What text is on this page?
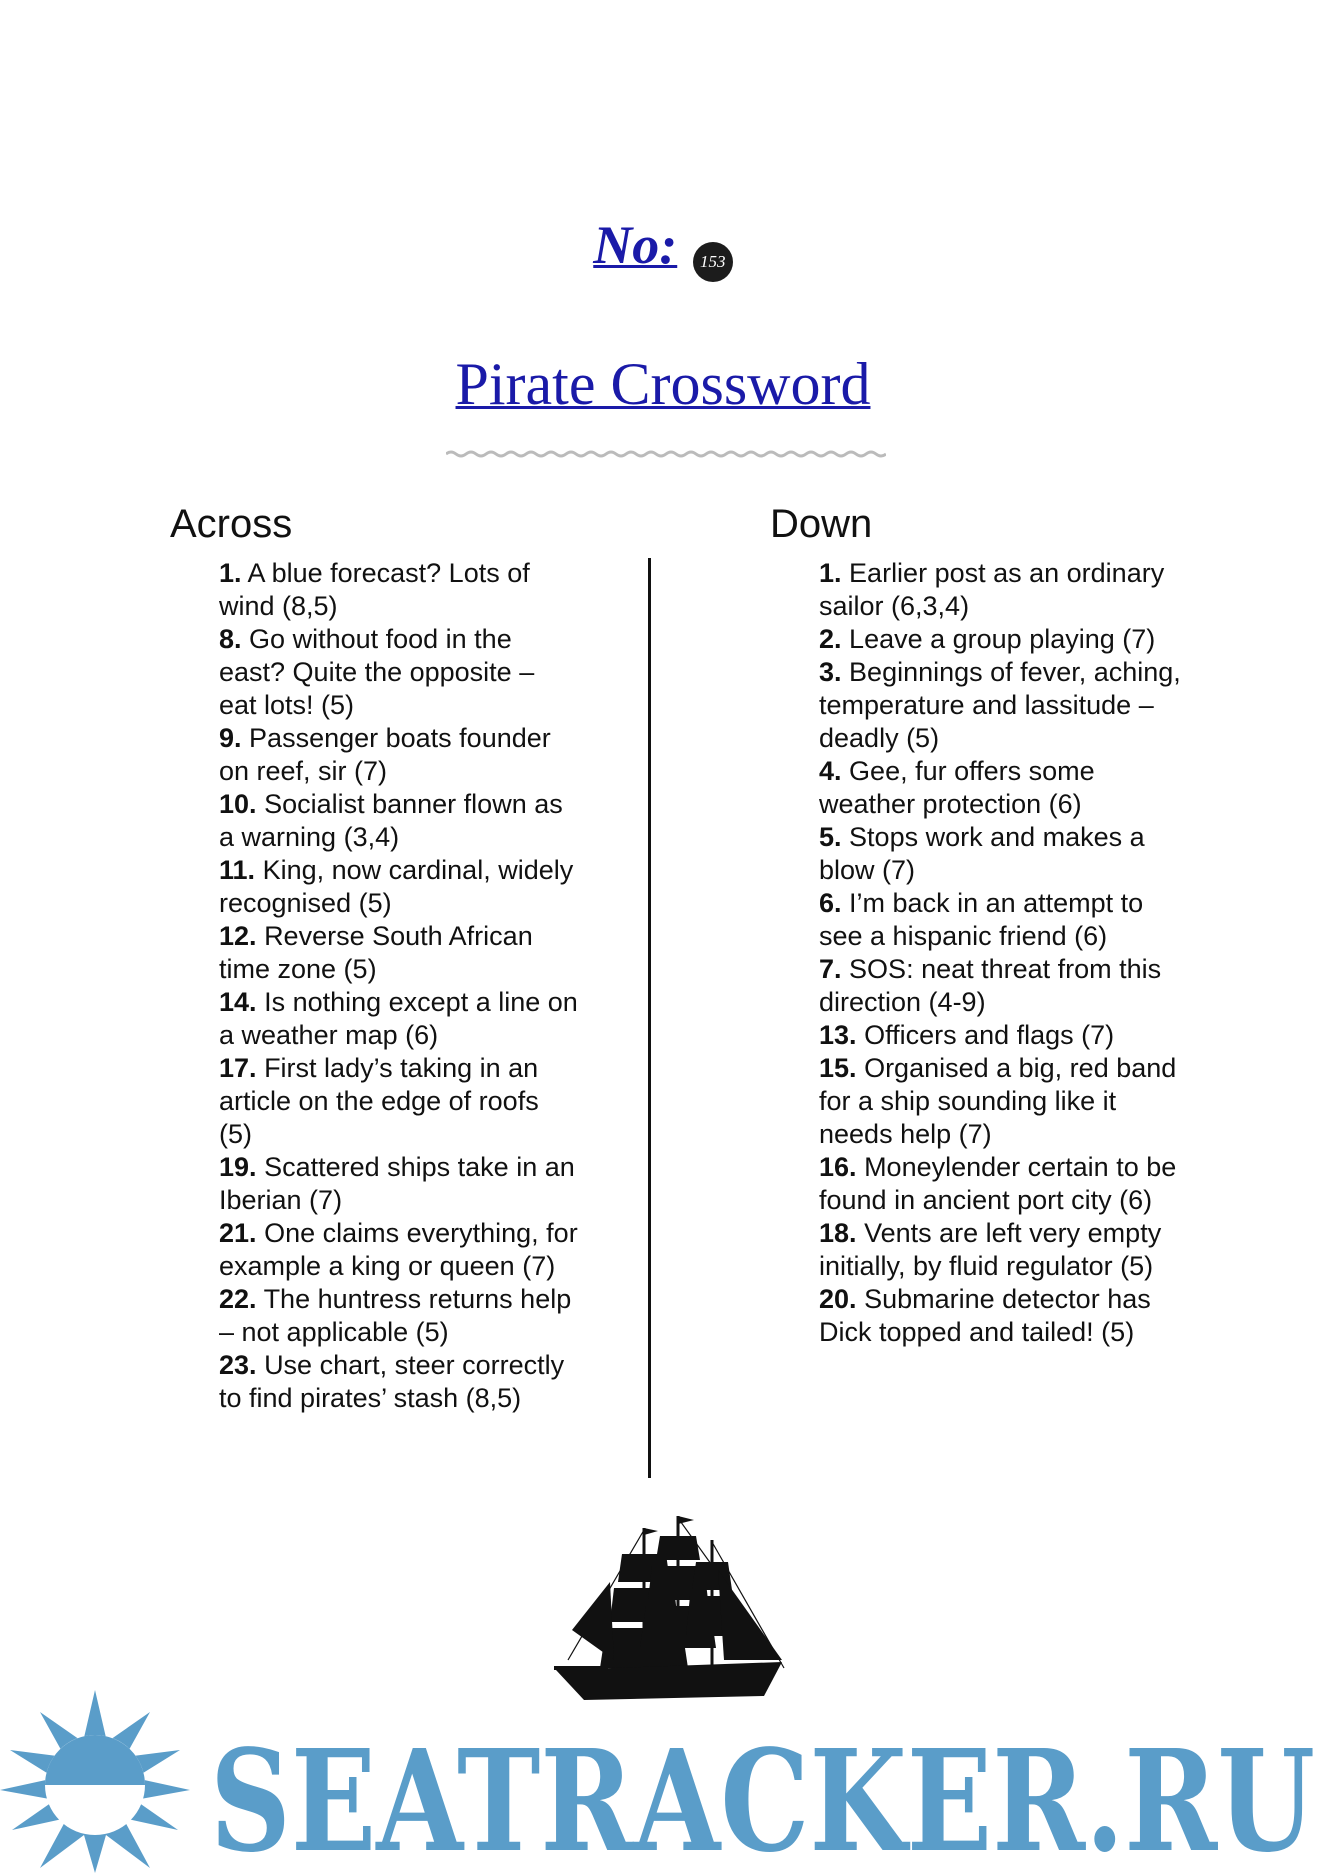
No: 153
Pirate Crossword
Across	Down
1. A blue forecast? Lots of wind (8,5)
8. Go without food in the east? Quite the opposite – eat lots! (5)
9. Passenger boats founder on reef, sir (7)
10. Socialist banner flown as a warning (3,4)
11. King, now cardinal, widely recognised (5)
12. Reverse South African time zone (5)
14. Is nothing except a line on a weather map (6)
17. First lady’s taking in an article on the edge of roofs (5)
19. Scattered ships take in an Iberian (7)
21. One claims everything, for example a king or queen (7)
22. The huntress returns help – not applicable (5)
23. Use chart, steer correctly to find pirates’ stash (8,5)
1. Earlier post as an ordinary sailor (6,3,4)
2. Leave a group playing (7)
3. Beginnings of fever, aching, temperature and lassitude – deadly (5)
4. Gee, fur offers some weather protection (6)
5. Stops work and makes a blow (7)
6. I’m back in an attempt to see a hispanic friend (6)
7. SOS: neat threat from this direction (4-9)
13. Officers and flags (7)
15. Organised a big, red band for a ship sounding like it needs help (7)
16. Moneylender certain to be found in ancient port city (6)
18. Vents are left very empty initially, by fluid regulator (5)
20. Submarine detector has Dick topped and tailed! (5)
SEATRACKER.RU
